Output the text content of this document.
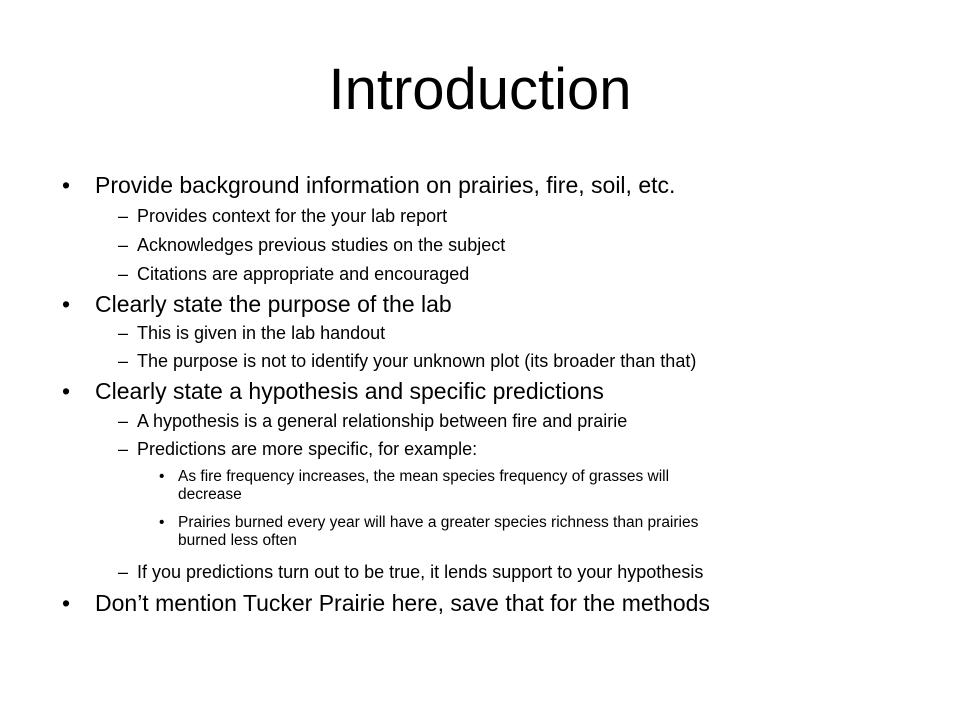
Introduction
• Provide background information on prairies, fire, soil, etc.
– Provides context for the your lab report
– Acknowledges previous studies on the subject
– Citations are appropriate and encouraged
• Clearly state the purpose of the lab
– This is given in the lab handout
– The purpose is not to identify your unknown plot (its broader than that)
• Clearly state a hypothesis and specific predictions
– A hypothesis is a general relationship between fire and prairie
– Predictions are more specific, for example:
• As fire frequency increases, the mean species frequency of grasses will
decrease
• Prairies burned every year will have a greater species richness than prairies
burned less often
– If you predictions turn out to be true, it lends support to your hypothesis
• Don’t mention Tucker Prairie here, save that for the methods
